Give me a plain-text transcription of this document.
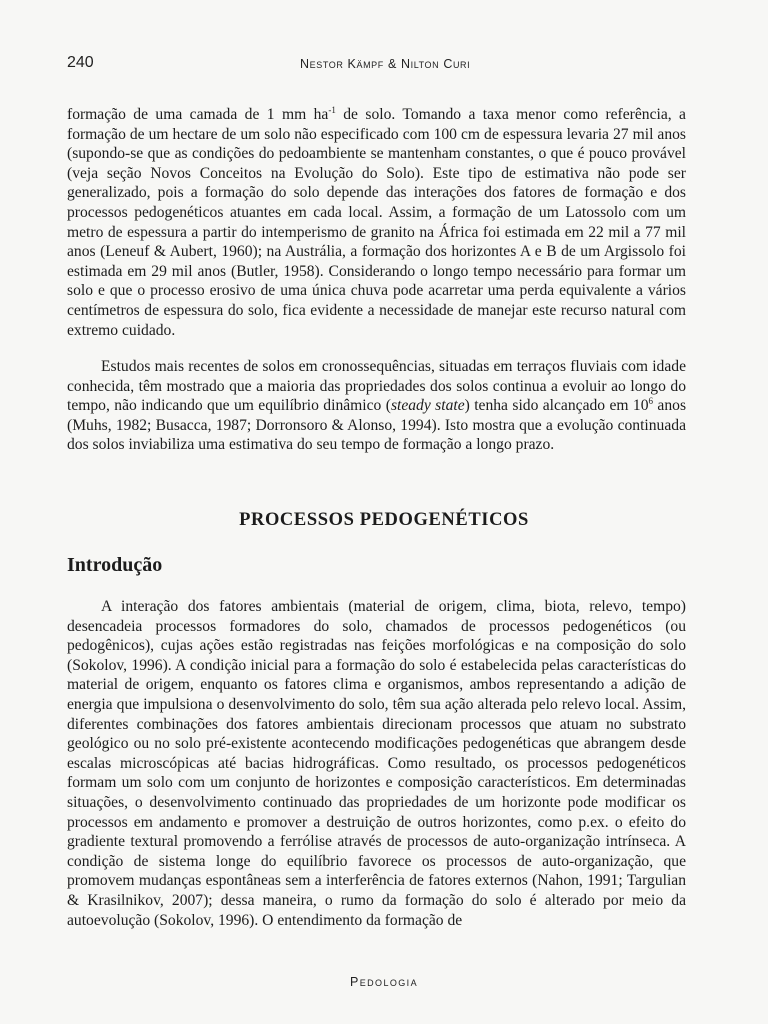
240	Nestor Kämpf & Nilton Curi

formação de uma camada de 1 mm $ha^{-1}$ de solo. Tomando a taxa menor como referência, a formação de um hectare de um solo não especificado com 100 cm de espessura levaria 27 mil anos (supondo-se que as condições do pedoambiente se mantenham constantes, o que é pouco provável (veja seção Novos Conceitos na Evolução do Solo). Este tipo de estimativa não pode ser generalizado, pois a formação do solo depende das interações dos fatores de formação e dos processos pedogenéticos atuantes em cada local. Assim, a formação de um Latossolo com um metro de espessura a partir do intemperismo de granito na África foi estimada em 22 mil a 77 mil anos (Leneuf & Aubert, 1960); na Austrália, a formação dos horizontes A e B de um Argissolo foi estimada em 29 mil anos (Butler, 1958). Considerando o longo tempo necessário para formar um solo e que o processo erosivo de uma única chuva pode acarretar uma perda equivalente a vários centímetros de espessura do solo, fica evidente a necessidade de manejar este recurso natural com extremo cuidado.

Estudos mais recentes de solos em cronossequências, situadas em terraços fluviais com idade conhecida, têm mostrado que a maioria das propriedades dos solos continua a evoluir ao longo do tempo, não indicando que um equilíbrio dinâmico (steady state) tenha sido alcançado em $10^6$ anos (Muhs, 1982; Busacca, 1987; Dorronsoro & Alonso, 1994). Isto mostra que a evolução continuada dos solos inviabiliza uma estimativa do seu tempo de formação a longo prazo.

PROCESSOS PEDOGENÉTICOS
Introdução

A interação dos fatores ambientais (material de origem, clima, biota, relevo, tempo) desencadeia processos formadores do solo, chamados de processos pedogenéticos (ou pedogênicos), cujas ações estão registradas nas feições morfológicas e na composição do solo (Sokolov, 1996). A condição inicial para a formação do solo é estabelecida pelas características do material de origem, enquanto os fatores clima e organismos, ambos representando a adição de energia que impulsiona o desenvolvimento do solo, têm sua ação alterada pelo relevo local. Assim, diferentes combinações dos fatores ambientais direcionam processos que atuam no substrato geológico ou no solo pré-existente acontecendo modificações pedogenéticas que abrangem desde escalas microscópicas até bacias hidrográficas. Como resultado, os processos pedogenéticos formam um solo com um conjunto de horizontes e composição característicos. Em determinadas situações, o desenvolvimento continuado das propriedades de um horizonte pode modificar os processos em andamento e promover a destruição de outros horizontes, como p.ex. o efeito do gradiente textural promovendo a ferrólise através de processos de auto-organização intrínseca. A condição de sistema longe do equilíbrio favorece os processos de auto-organização, que promovem mudanças espontâneas sem a interferência de fatores externos (Nahon, 1991; Targulian & Krasilnikov, 2007); dessa maneira, o rumo da formação do solo é alterado por meio da autoevolução (Sokolov, 1996). O entendimento da formação de

Pedologia
